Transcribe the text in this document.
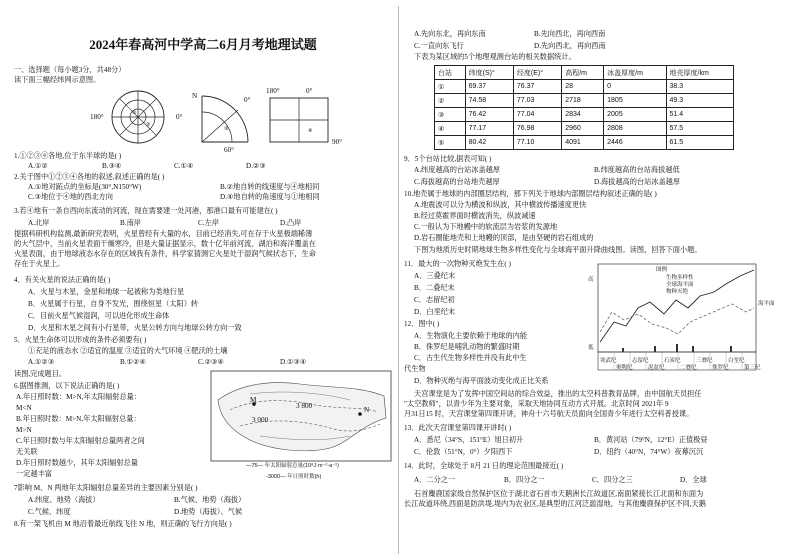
2024年春高河中学高二6月月考地理试题
一、选择题（每小题3分，共48分）
读下面三幅经纬网示意图。
①
②
180°	0°
③
N	0°
60°
④
180°	0°
90°
1.①②③④各地,位于东半球的是( )
A.①②	B.③④	C.①④	D.②③
2.关于图中①②③④各地的叙述,叙述正确的是( )
A.①地对跖点的坐标是(30°,N150°W)	B.②地自转的线速度与④地相同
C.③地位于④地的西北方向	D.④地自转的角速度与①地相同
3.若④地有一条自西向东流动的河流，现在需要建一处河港，那港口最有可能建在( )
A.北岸	B.南岸	C.左岸	D.凸岸
提据科研机构监测,最新研究表明，火星曾经有大量的水，目前已经消失,可在存于火星极端稀薄
的大气层中，当前火星表面干燥寒冷，但是大量证据显示，数十亿年前河流、湖泊和海洋覆盖在
火星表面，由于地球液态水存在的区域我有条件，科学家猜测它火星处于湿润气候状态下，生命
存在于火星上。
4．有关火星的说法正确的是( )
A．火星与木星，金星和地球一起被称为类地行星
B．火星属于行星，自身不发光，围绕恒星（太阳）转
C．目前火星气候湿润，可以进化形成生命体
D．火星和木星之间有小行星带，火星公转方向与地球公转方向一致
5．火星生命体可以形成的条件必须要有( )
①充足的液态水 ②适宜的温度 ③适宜的大气环境 ④肥沃的土壤
A.①②③	B.①②④	C.②③④	D.①③④
读图,完成题目。
6.据图推测，以下说法正确的是( )
A.年日照时数：M>N,年太阳辐射总量：
M<N
B.年日照时数：M>N,年太阳辐射总量：
M>N
C.年日照时数与年太阳辐射总量两者之间
无关联
D.年日照时数越少，其年太阳辐射总量
一定越丰富
M
N
3 800
3 000
—75— 年太阳辐射总量(10⁸J·m⁻²·a⁻¹)
-3000— 年日照时数(h)
7影响 M、N 两地年太阳辐射总量差异的主要因素分别是( )
A.纬度、地势（海拔）	B.气候、地势（海拔）
C.气候、纬度	D.地势（海拔）、气候
8.有一架飞机由 M 地沿着最近航线飞往 N 地，则正确的飞行方向是( )
A.先向东北，再向东南	B.先向西北，再向西南
C.一直向东飞行	D.先向西北，再向西南
下表为某区域的5个地理观测台站的相关数据统计。
台站	纬度(S)°	经度(E)°	高程/m	冰盖厚度/m	地壳厚度/km
①	69.37	76.37	28	0	38.3
②	74.58	77.03	2718	1805	49.3
③	76.42	77.04	2834	2005	51.4
④	77.17	76.98	2960	2808	57.5
⑤	80.42	77.10	4091	2446	61.5
9．5个台站比较,据表可知( )
A.纬度越高的台站冰盖越厚	B.纬度越高的台站海拔越低
C.海拔越高的台站地壳越厚	D.海拔越高的台站冰盖越厚
10.地壳属于地球的内部圈层结构，那下列关于地球内部圈层结构叙述正确的是( )
A.地震波可以分为横波和纵波，其中横波传播速度更快
B.经过莫霍界面时横波消失，纵波减速
C.一般认为下地幔中的软流层为岩浆的发源地
D.岩石圈能地壳和上地幔的顶部，是由坚硬的岩石组成的
下图为地质历史时期地球生物多样性变化与全球海平面升降曲线图。读图，回答下面小题。
11．最大的一次物种灭绝发生在( )
A．三叠纪末
B．二叠纪末
C．志留纪初
D．白垩纪末
12．图中( )
A．生物演化主要依赖于地球的内能
B．侏罗纪是哺乳动物的繁盛时期
C．古生代生物多样性并没有此中生
代生物
D．物种灭绝与海平面波动变化成正比关系
图例
生物多样性
全球海平面
物种灭绝
高
低
海平面
寒武纪
奥陶纪
志留纪
泥盆纪
石炭纪
二叠纪
三叠纪
侏罗纪
白垩纪
第三纪
天宫课堂是为了发挥中国空间站的综合效益，推出的太空科普教育品牌，由中国航天员担任
"太空教师"，以青少年为主要对象，采取天地协同互动方式开展。北京时间 2021年 9
月31日15 时，天宫课堂第四课开讲，神舟十六号航天员面向全国青少年进行太空科普授课。
13．此次天宫课堂第四课开讲时( )
A．悉尼（34°S，151°E）旭日初升	B．黄河站（79°N，12°E）正值极昼
C．伦敦（51°N，0°）夕阳西下	D．纽约（40°N，74°W）夜幕沉沉
14．此时，全球处于 8月 21 日的理论范围最接近( )
A．二分之一	B．四分之一	C．四分之三	D．全球
石首麋鹿国家级自然保护区位于湖北省石首市天鹅洲长江故道区,南面紧接长江北面和东面为
长江故道环绕,西面是防洪堤,堤内为农业区,是典型的江河泛滥湿地，与其他麋鹿保护区不同,天鹅
